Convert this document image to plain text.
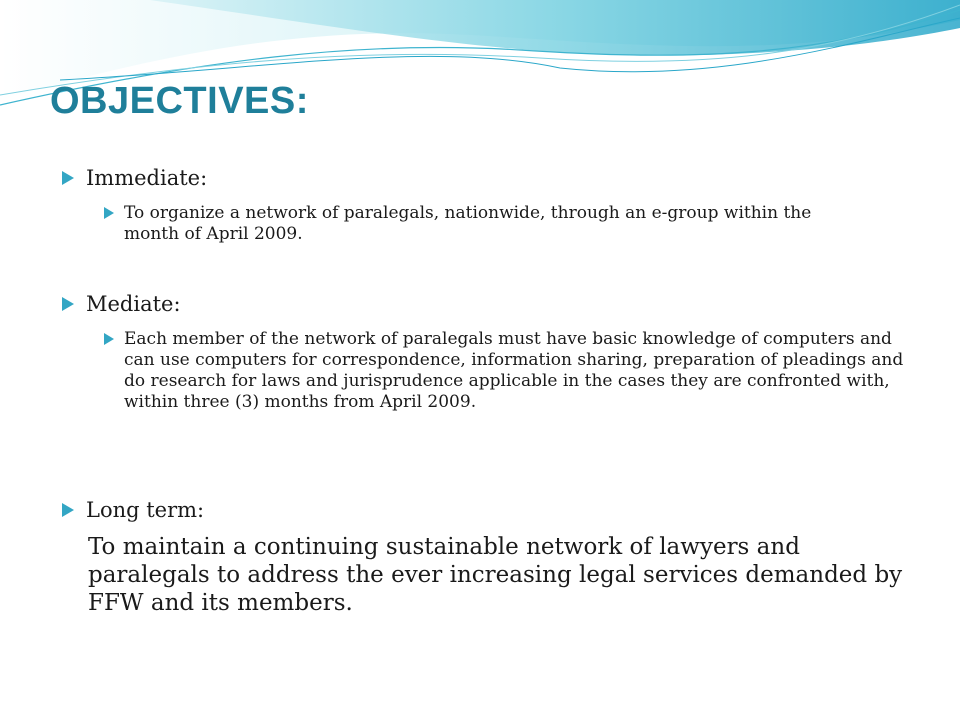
OBJECTIVES:
Immediate:
To organize a network of paralegals, nationwide, through an e-group within the month of April 2009.
Mediate:
Each member of the network of paralegals must have basic knowledge of computers and can use computers for correspondence, information sharing, preparation of pleadings and do research for laws and jurisprudence applicable in the cases they are confronted with, within three (3) months from April 2009.
Long term:
To maintain a continuing sustainable network of lawyers and paralegals to address the ever increasing legal services demanded by FFW and its members.
